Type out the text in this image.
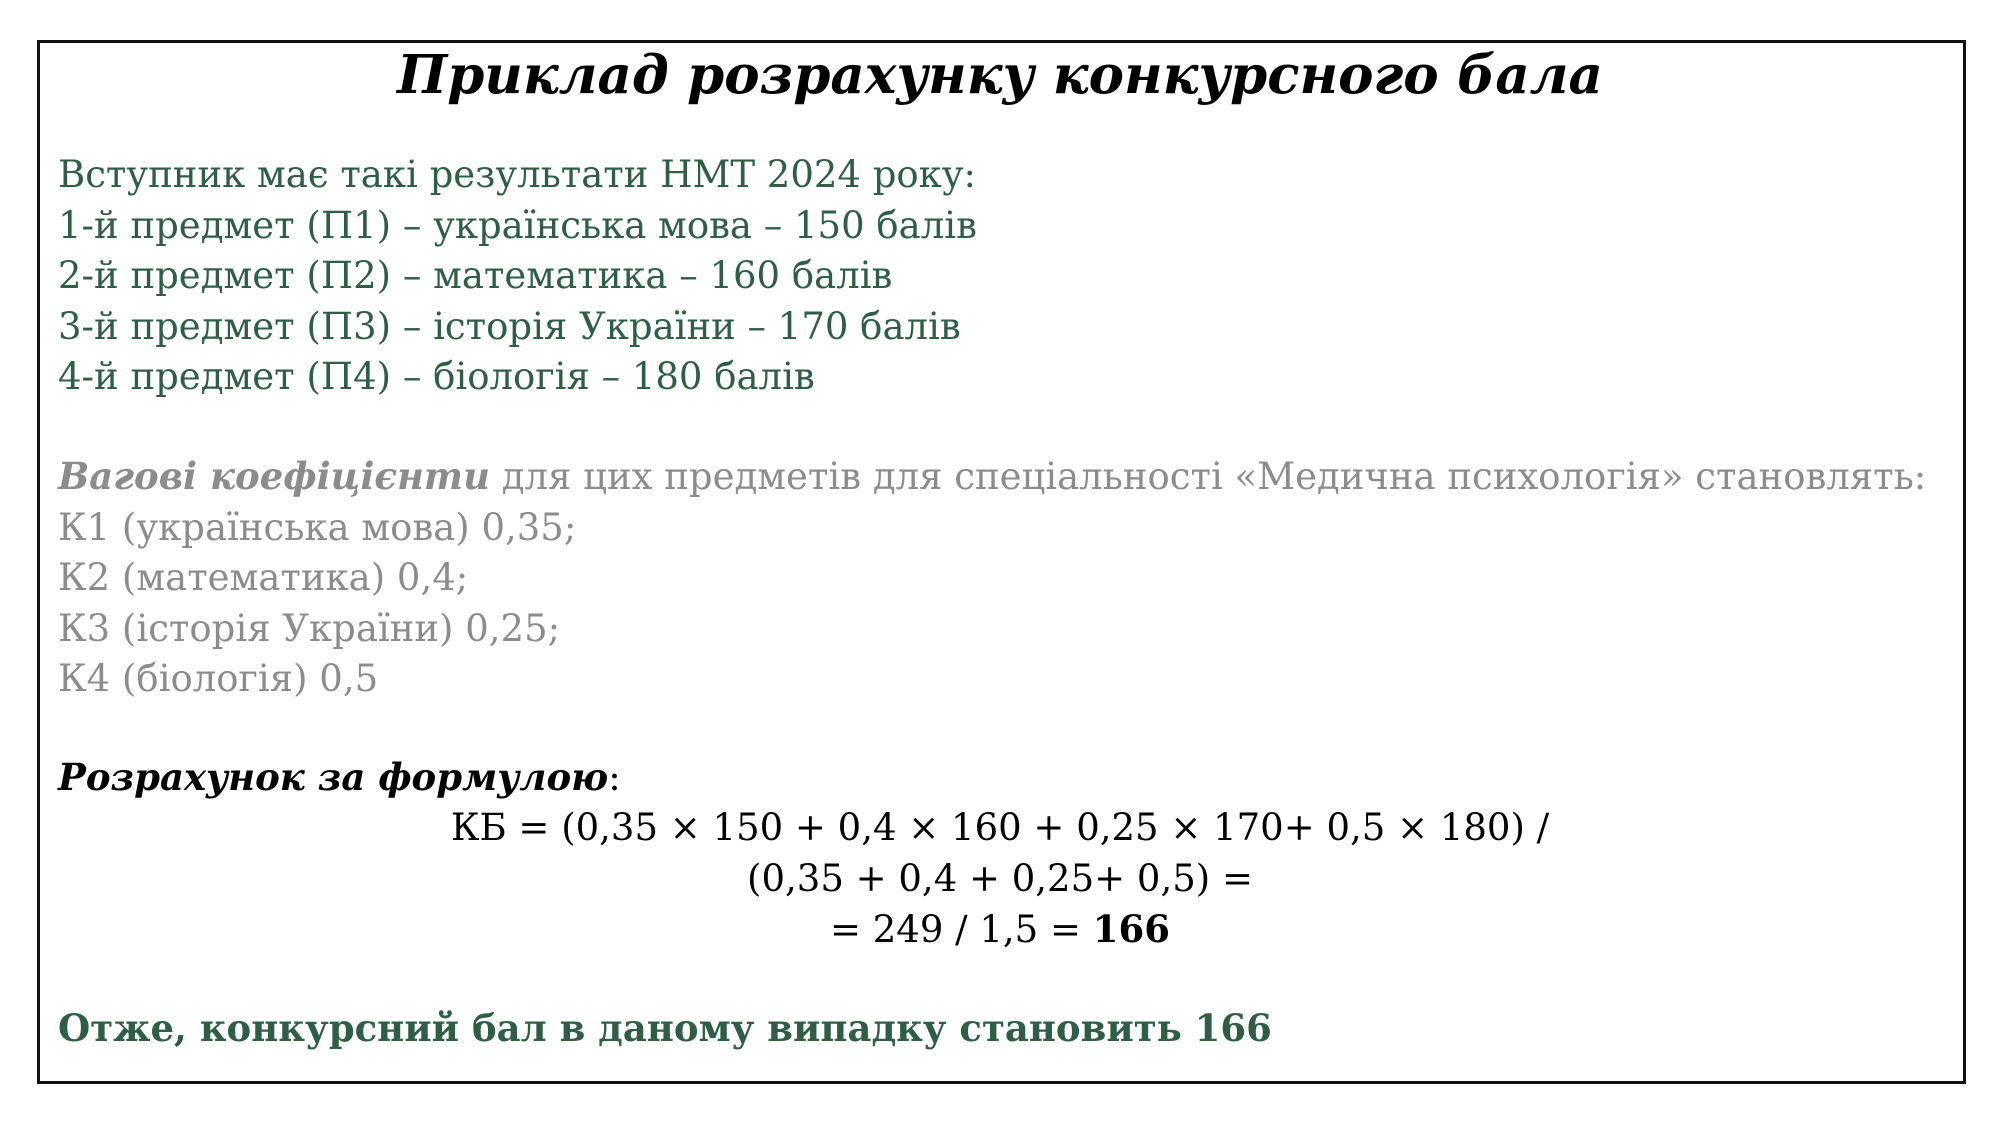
Приклад розрахунку конкурсного бала
Вступник має такі результати НМТ 2024 року:
1-й предмет (П1) – українська мова – 150 балів
2-й предмет (П2) – математика – 160 балів
3-й предмет (П3) – історія України – 170 балів
4-й предмет (П4) – біологія – 180 балів
Вагові коефіцієнти для цих предметів для спеціальності «Медична психологія» становлять:
К1 (українська мова) 0,35;
К2 (математика) 0,4;
К3 (історія України) 0,25;
К4 (біологія) 0,5
Розрахунок за формулою:
КБ = (0,35 × 150 + 0,4 × 160 + 0,25 × 170+ 0,5 × 180) /
(0,35 + 0,4 + 0,25+ 0,5) =
= 249 / 1,5 = 166
Отже, конкурсний бал в даному випадку становить 166
